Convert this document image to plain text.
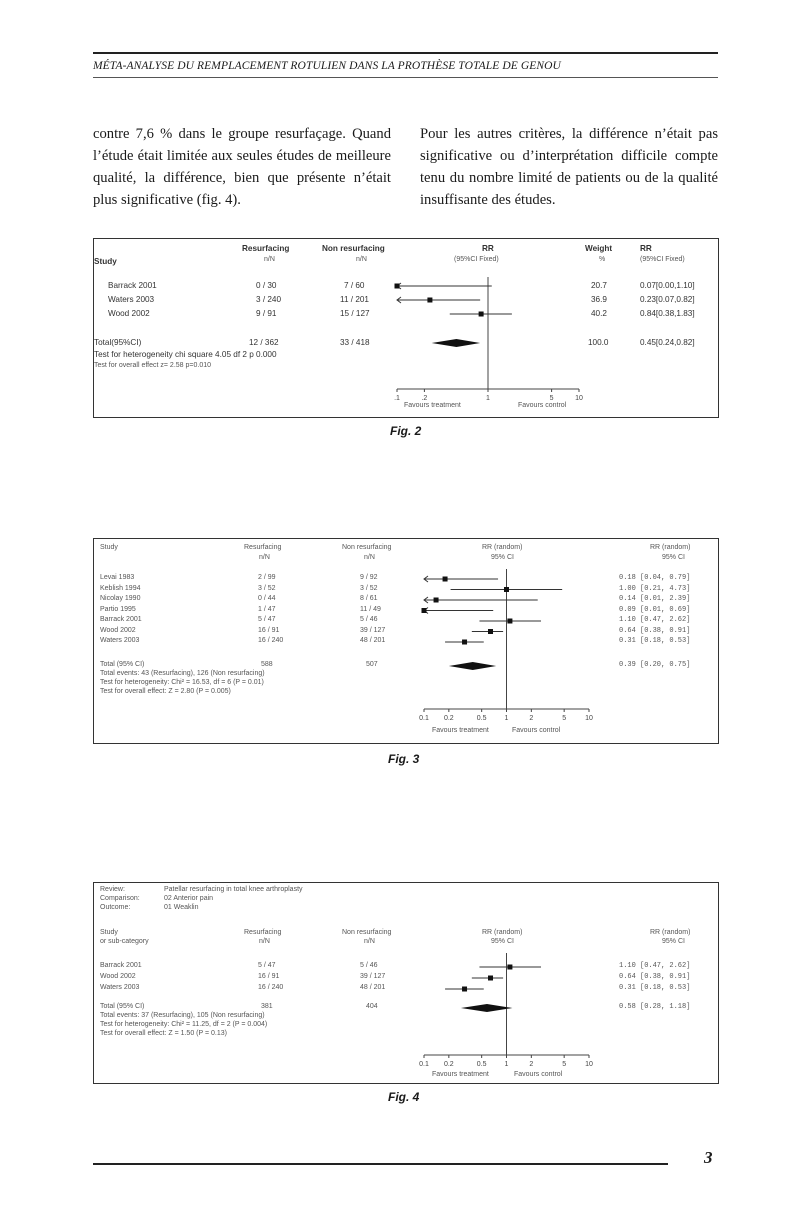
MÉTA-ANALYSE DU REMPLACEMENT ROTULIEN DANS LA PROTHÈSE TOTALE DE GENOU
contre 7,6 % dans le groupe resurfaçage. Quand l’étude était limitée aux seules études de meilleure qualité, la différence, bien que présente n’était plus significative (fig. 4).
Pour les autres critères, la différence n’était pas significative ou d’interprétation difficile compte tenu du nombre limité de patients ou de la qualité insuffisante des études.
.1	.2	1	5	10
Study
Resurfacing
n/N
Non resurfacing
n/N
RR
(95%CI Fixed)
Weight
%
RR
(95%CI Fixed)
Barrack 2001	0 / 30	7 / 60	20.7	0.07[0.00,1.10]
Waters 2003	3 / 240	11 / 201	36.9	0.23[0.07,0.82]
Wood 2002	9 / 91	15 / 127	40.2	0.84[0.38,1.83]
Total(95%CI)	12 / 362	33 / 418	100.0	0.45[0.24,0.82]
Test for heterogeneity chi square 4.05 df 2 p 0.000
Test for overall effect z= 2.58 p=0.010
Favours treatment	Favours control
Fig. 2
0.1 0.2	0.5	1	2	5	10
Study	Resurfacing
n/N
Non resurfacing
n/N
RR (random)
95% CI
RR (random)
95% CI
Levai 1983	2 / 99	9 / 92	0.18 [0.04, 0.79]
Keblish 1994	3 / 52	3 / 52	1.00 [0.21, 4.73]
Nicolay 1990	0 / 44	8 / 61	0.14 [0.01, 2.39]
Partio 1995	1 / 47	11 / 49	0.09 [0.01, 0.69]
Barrack 2001	5 / 47	5 / 46	1.10 [0.47, 2.62]
Wood 2002	16 / 91	39 / 127	0.64 [0.38, 0.91]
Waters 2003	16 / 240	48 / 201	0.31 [0.18, 0.53]
Total (95% CI)	588	507	0.39 [0.20, 0.75]
Total events: 43 (Resurfacing), 126 (Non resurfacing)
Test for heterogeneity: Chi² = 16.53, df = 6 (P = 0.01)
Test for overall effect: Z = 2.80 (P = 0.005)
Favours treatment	Favours control
Fig. 3
0.1 0.2	0.5	1	2	5	10
Review:	Patellar resurfacing in total knee arthroplasty
Comparison:	02 Anterior pain
Outcome:	01 Weaklin
Study
or sub-category
Resurfacing
n/N
Non resurfacing
n/N
RR (random)
95% CI
RR (random)
95% CI
Barrack 2001	5 / 47	5 / 46	1.10 [0.47, 2.62]
Wood 2002	16 / 91	39 / 127	0.64 [0.38, 0.91]
Waters 2003	16 / 240	48 / 201	0.31 [0.18, 0.53]
Total (95% CI)	381	404	0.58 [0.28, 1.18]
Total events: 37 (Resurfacing), 105 (Non resurfacing)
Test for heterogeneity: Chi² = 11.25, df = 2 (P = 0.004)
Test for overall effect: Z = 1.50 (P = 0.13)
Favours treatment	Favours control
Fig. 4
3
